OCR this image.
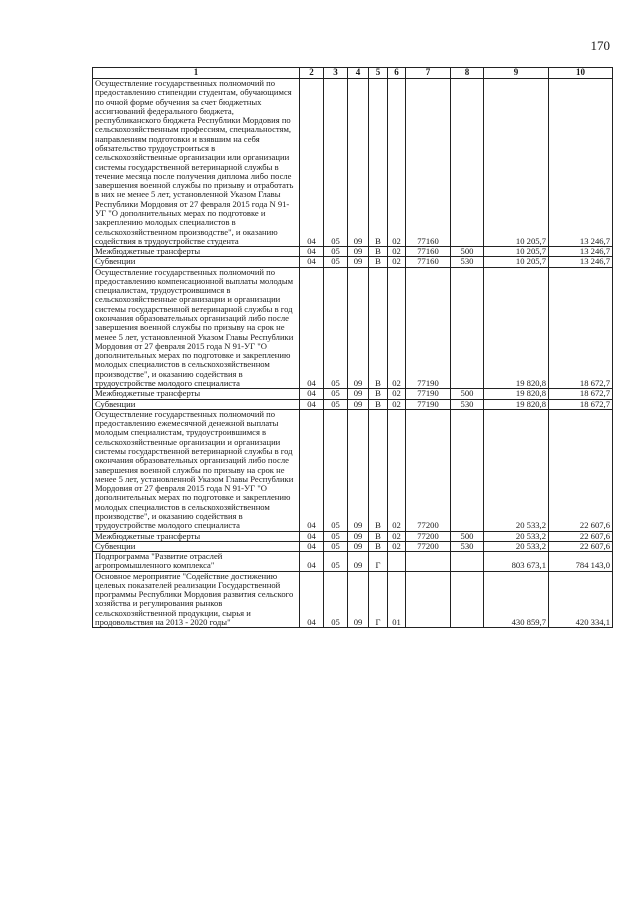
170
1	2	3	4	5	6	7	8	9	10
Осуществление государственных полномочий по предоставлению стипендии студентам, обучающимся по очной форме обучения за счет бюджетных ассигнований федерального бюджета, республиканского бюджета Республики Мордовия по сельскохозяйственным профессиям, специальностям, направлениям подготовки и взявшим на себя обязательство трудоустроиться в сельскохозяйственные организации или организации системы государственной ветеринарной службы в течение месяца после получения диплома либо после завершения военной службы по призыву и отработать в них не менее 5 лет, установленной Указом Главы Республики Мордовия от 27 февраля 2015 года N 91-УГ "О дополнительных мерах по подготовке и закреплению молодых специалистов в сельскохозяйственном производстве", и оказанию содействия в трудоустройстве студента	04	05	09	В	02	77160		10 205,7	13 246,7
Межбюджетные трансферты	04	05	09	В	02	77160	500	10 205,7	13 246,7
Субвенции	04	05	09	В	02	77160	530	10 205,7	13 246,7
Осуществление государственных полномочий по предоставлению компенсационной выплаты молодым специалистам, трудоустроившимся в сельскохозяйственные организации и организации системы государственной ветеринарной службы в год окончания образовательных организаций либо после завершения военной службы по призыву на срок не менее 5 лет, установленной Указом Главы Республики Мордовия от 27 февраля 2015 года N 91-УГ "О дополнительных мерах по подготовке и закреплению молодых специалистов в сельскохозяйственном производстве", и оказанию содействия в трудоустройстве молодого специалиста	04	05	09	В	02	77190		19 820,8	18 672,7
Межбюджетные трансферты	04	05	09	В	02	77190	500	19 820,8	18 672,7
Субвенции	04	05	09	В	02	77190	530	19 820,8	18 672,7
Осуществление государственных полномочий по предоставлению ежемесячной денежной выплаты молодым специалистам, трудоустроившимся в сельскохозяйственные организации и организации системы государственной ветеринарной службы в год окончания образовательных организаций либо после завершения военной службы по призыву на срок не менее 5 лет, установленной Указом Главы Республики Мордовия от 27 февраля 2015 года N 91-УГ "О дополнительных мерах по подготовке и закреплению молодых специалистов в сельскохозяйственном производстве", и оказанию содействия в трудоустройстве молодого специалиста	04	05	09	В	02	77200		20 533,2	22 607,6
Межбюджетные трансферты	04	05	09	В	02	77200	500	20 533,2	22 607,6
Субвенции	04	05	09	В	02	77200	530	20 533,2	22 607,6
Подпрограмма "Развитие отраслей агропромышленного комплекса"	04	05	09	Г				803 673,1	784 143,0
Основное мероприятие "Содействие достижению целевых показателей реализации Государственной программы Республики Мордовия развития сельского хозяйства и регулирования рынков сельскохозяйственной продукции, сырья и продовольствия на 2013 - 2020 годы"	04	05	09	Г	01			430 859,7	420 334,1
